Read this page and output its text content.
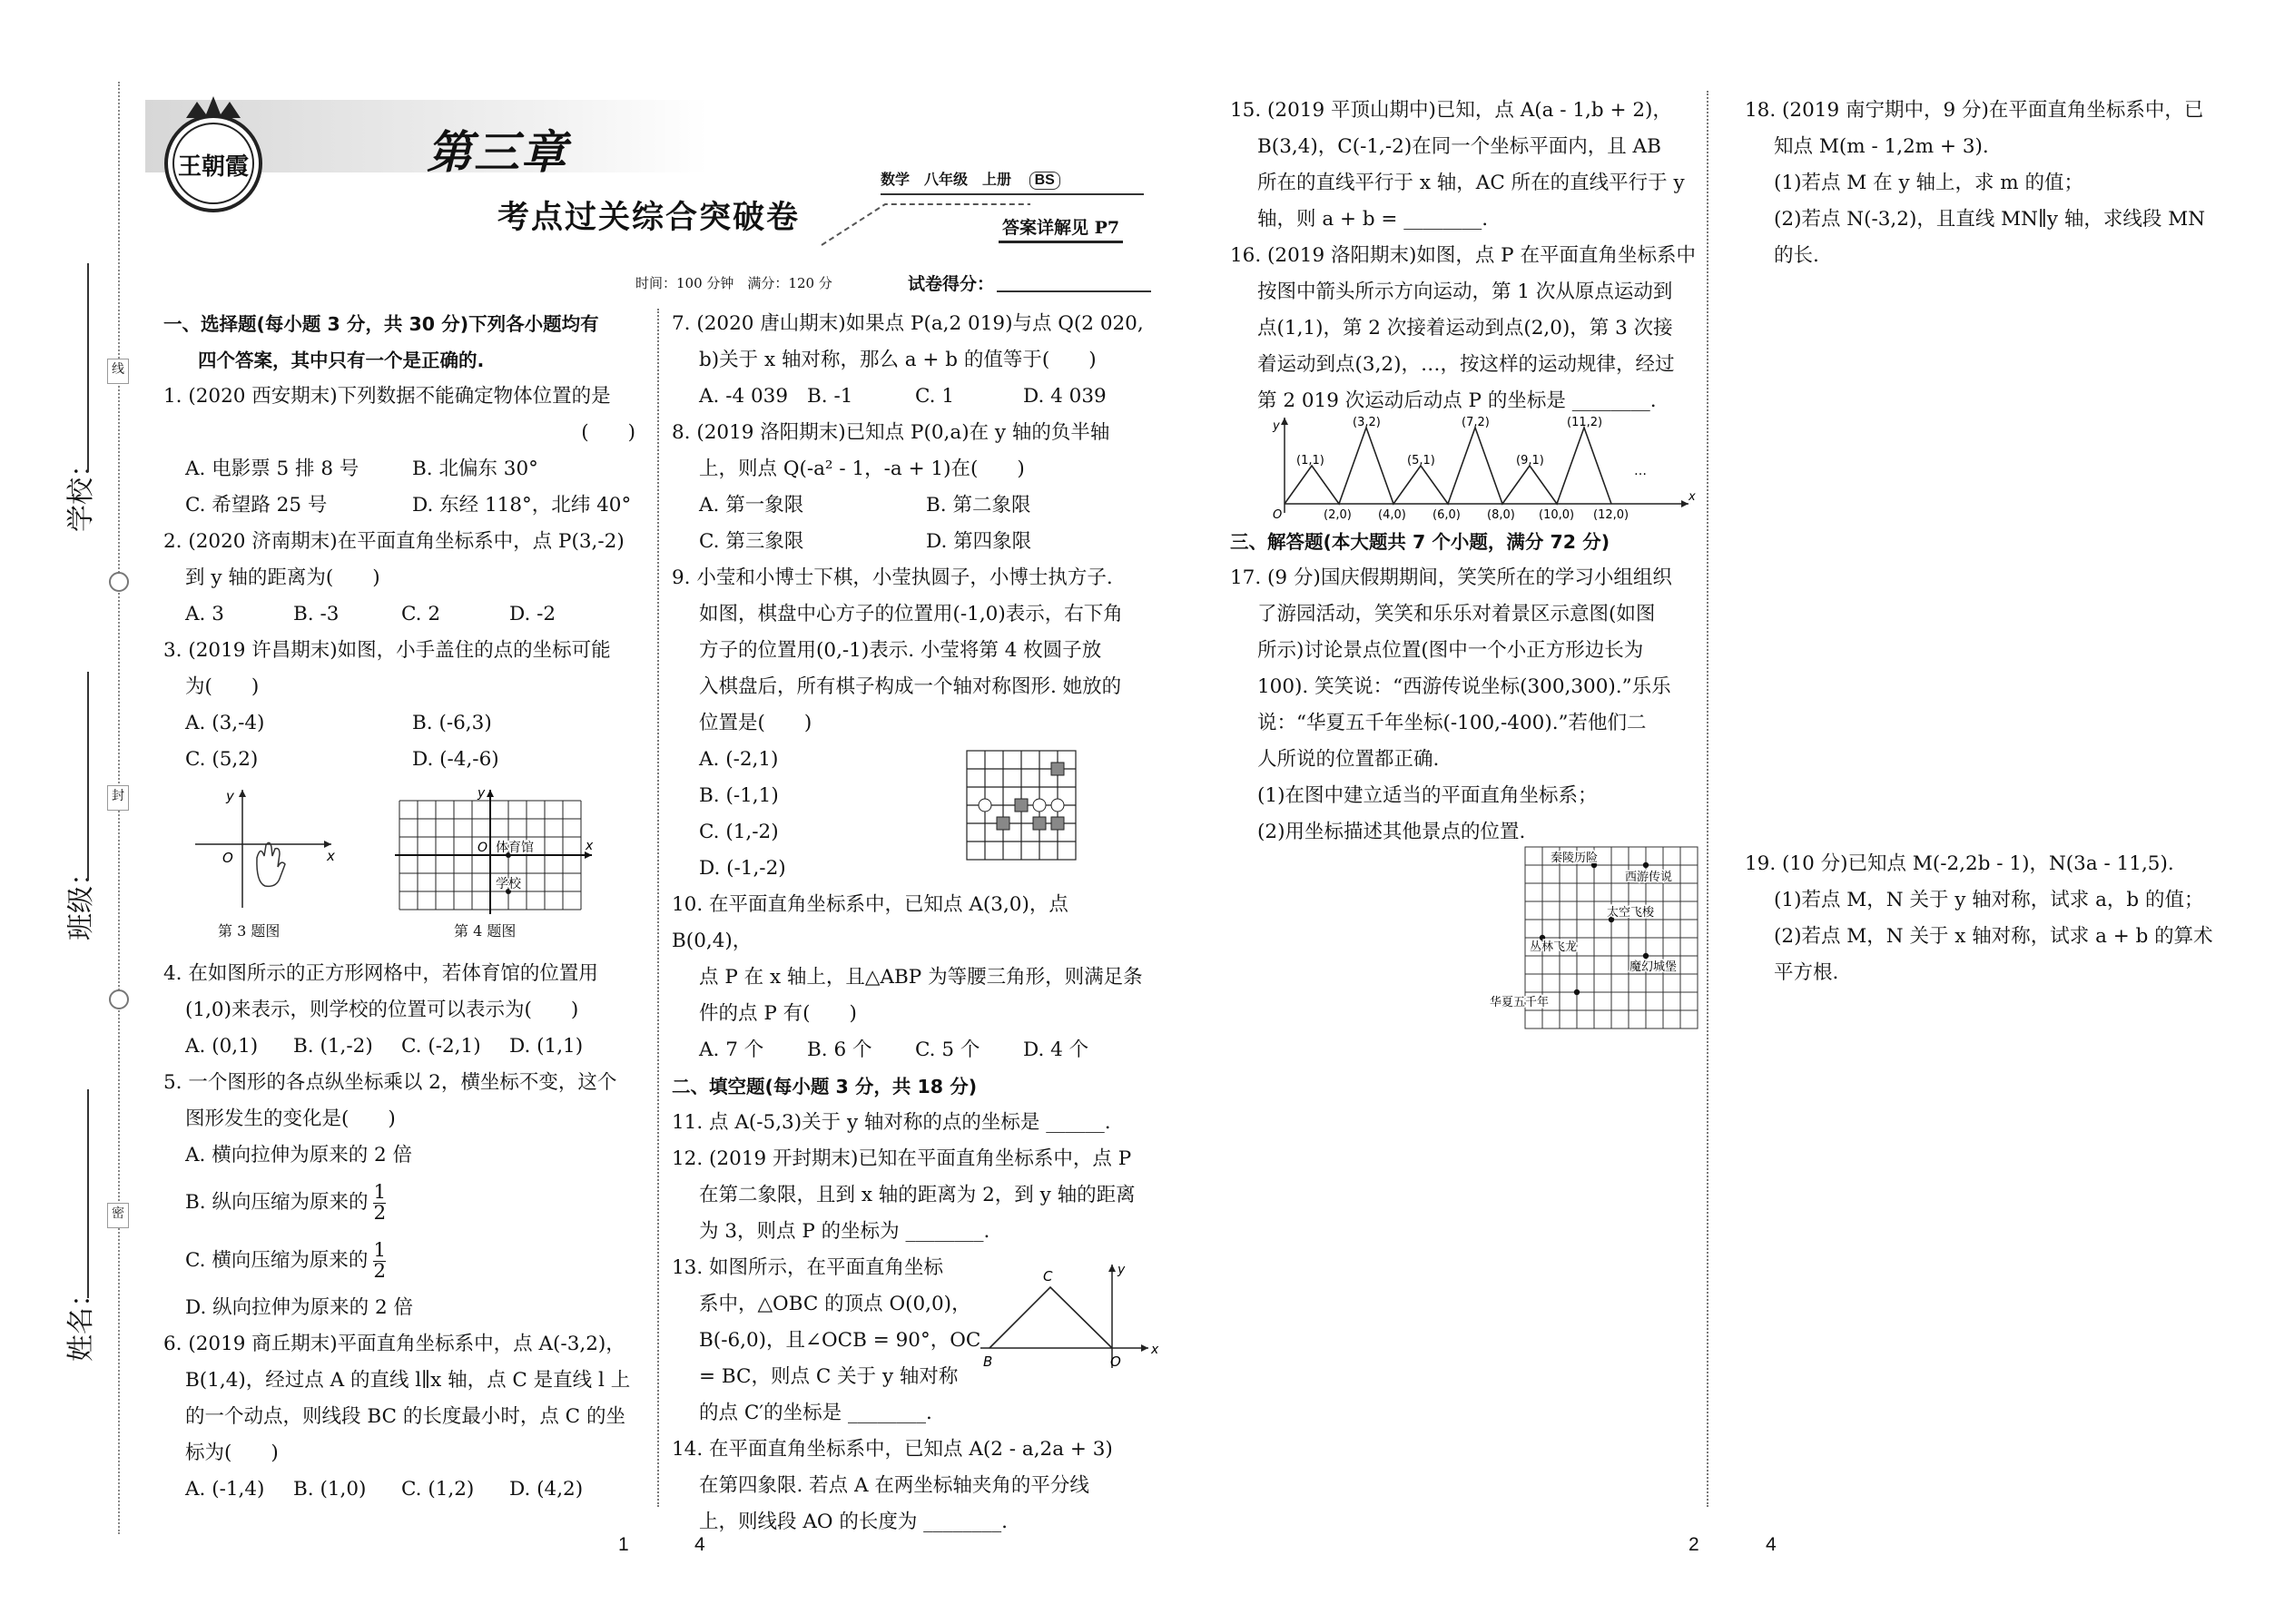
学校：
班级：
姓名：
线
封
密
王朝霞	第三章
考点过关综合突破卷
数学　八年级　上册 BS
答案详解见 P7
时间：100 分钟　满分：120 分	试卷得分：
一、选择题(每小题 3 分，共 30 分)下列各小题均有
四个答案，其中只有一个是正确的.

1. (2020 西安期末)下列数据不能确定物体位置的是

(　　)

A. 电影票 5 排 8 号	B. 北偏东 30°

C. 希望路 25 号	D. 东经 118°，北纬 40°

2. (2020 济南期末)在平面直角坐标系中，点 P(3,-2)

到 y 轴的距离为(　　)

A. 3	B. -3	C. 2	D. -2

3. (2019 许昌期末)如图，小手盖住的点的坐标可能

为(　　)

A. (3,-4)	B. (-6,3)

C. (5,2)	D. (-4,-6)

x
y
O
第 3 题图
x
y
O 体育馆
学校
第 4 题图

4. 在如图所示的正方形网格中，若体育馆的位置用

(1,0)来表示，则学校的位置可以表示为(　　)

A. (0,1) B. (1,-2) C. (-2,1) D. (1,1)

5. 一个图形的各点纵坐标乘以 2，横坐标不变，这个

图形发生的变化是(　　)

A. 横向拉伸为原来的 2 倍

B. 纵向压缩为原来的 $\frac{1}{2}$

C. 横向压缩为原来的 $\frac{1}{2}$

D. 纵向拉伸为原来的 2 倍

6. (2019 商丘期末)平面直角坐标系中，点 A(-3,2)，

B(1,4)，经过点 A 的直线 l∥x 轴，点 C 是直线 l 上

的一个动点，则线段 BC 的长度最小时，点 C 的坐

标为(　　)

A. (-1,4) B. (1,0) C. (1,2) D. (4,2)

7. (2020 唐山期末)如果点 P(a,2 019)与点 Q(2 020,

b)关于 x 轴对称，那么 a + b 的值等于(　　)

A. -4 039 B. -1	C. 1	D. 4 039

8. (2019 洛阳期末)已知点 P(0,a)在 y 轴的负半轴

上，则点 Q(-a² - 1，-a + 1)在(　　)

A. 第一象限	B. 第二象限

C. 第三象限	D. 第四象限

9. 小莹和小博士下棋，小莹执圆子，小博士执方子.

如图，棋盘中心方子的位置用(-1,0)表示，右下角

方子的位置用(0,-1)表示. 小莹将第 4 枚圆子放

入棋盘后，所有棋子构成一个轴对称图形. 她放的

位置是(　　)

A. (-2,1)

B. (-1,1)

C. (1,-2)

D. (-1,-2)

10. 在平面直角坐标系中，已知点 A(3,0)，点 B(0,4)，

点 P 在 x 轴上，且△ABP 为等腰三角形，则满足条

件的点 P 有(　　)

A. 7 个 B. 6 个 C. 5 个 D. 4 个

二、填空题(每小题 3 分，共 18 分)

11. 点 A(-5,3)关于 y 轴对称的点的坐标是 ______.

12. (2019 开封期末)已知在平面直角坐标系中，点 P

在第二象限，且到 x 轴的距离为 2，到 y 轴的距离

为 3，则点 P 的坐标为 ________.

13. 如图所示，在平面直角坐标

系中，△OBC 的顶点 O(0,0)，

B(-6,0)，且∠OCB = 90°，OC

= BC，则点 C 关于 y 轴对称

的点 C′的坐标是 ________.

14. 在平面直角坐标系中，已知点 A(2 - a,2a + 3)

在第四象限. 若点 A 在两坐标轴夹角的平分线

上，则线段 AO 的长度为 ________.

x
y
C
B	O

15. (2019 平顶山期中)已知，点 A(a - 1,b + 2)，

B(3,4)，C(-1,-2)在同一个坐标平面内，且 AB

所在的直线平行于 x 轴，AC 所在的直线平行于 y

轴，则 a + b = ________.

16. (2019 洛阳期末)如图，点 P 在平面直角坐标系中

按图中箭头所示方向运动，第 1 次从原点运动到

点(1,1)，第 2 次接着运动到点(2,0)，第 3 次接

着运动到点(3,2)，…，按这样的运动规律，经过

第 2 019 次运动后动点 P 的坐标是 ________.

y
x
O
(1,1)
(3,2)
(5,1)
(7,2)
(9,1)
(11,2)
…
(2,0) (4,0) (6,0) (8,0) (10,0) (12,0)
三、解答题(本大题共 7 个小题，满分 72 分)

17. (9 分)国庆假期期间，笑笑所在的学习小组组织

了游园活动，笑笑和乐乐对着景区示意图(如图

所示)讨论景点位置(图中一个小正方形边长为

100). 笑笑说：“西游传说坐标(300,300).”乐乐

说：“华夏五千年坐标(-100,-400).”若他们二

人所说的位置都正确.

(1)在图中建立适当的平面直角坐标系；

(2)用坐标描述其他景点的位置.

秦陵历险
西游传说
太空飞梭
丛林飞龙
魔幻城堡
华夏五千年

18. (2019 南宁期中，9 分)在平面直角坐标系中，已

知点 M(m - 1,2m + 3).

(1)若点 M 在 y 轴上，求 m 的值；

(2)若点 N(-3,2)，且直线 MN∥y 轴，求线段 MN

的长.

19. (10 分)已知点 M(-2,2b - 1)，N(3a - 11,5).

(1)若点 M，N 关于 y 轴对称，试求 a，b 的值；

(2)若点 M，N 关于 x 轴对称，试求 a + b 的算术

平方根.

1	4	2	4
